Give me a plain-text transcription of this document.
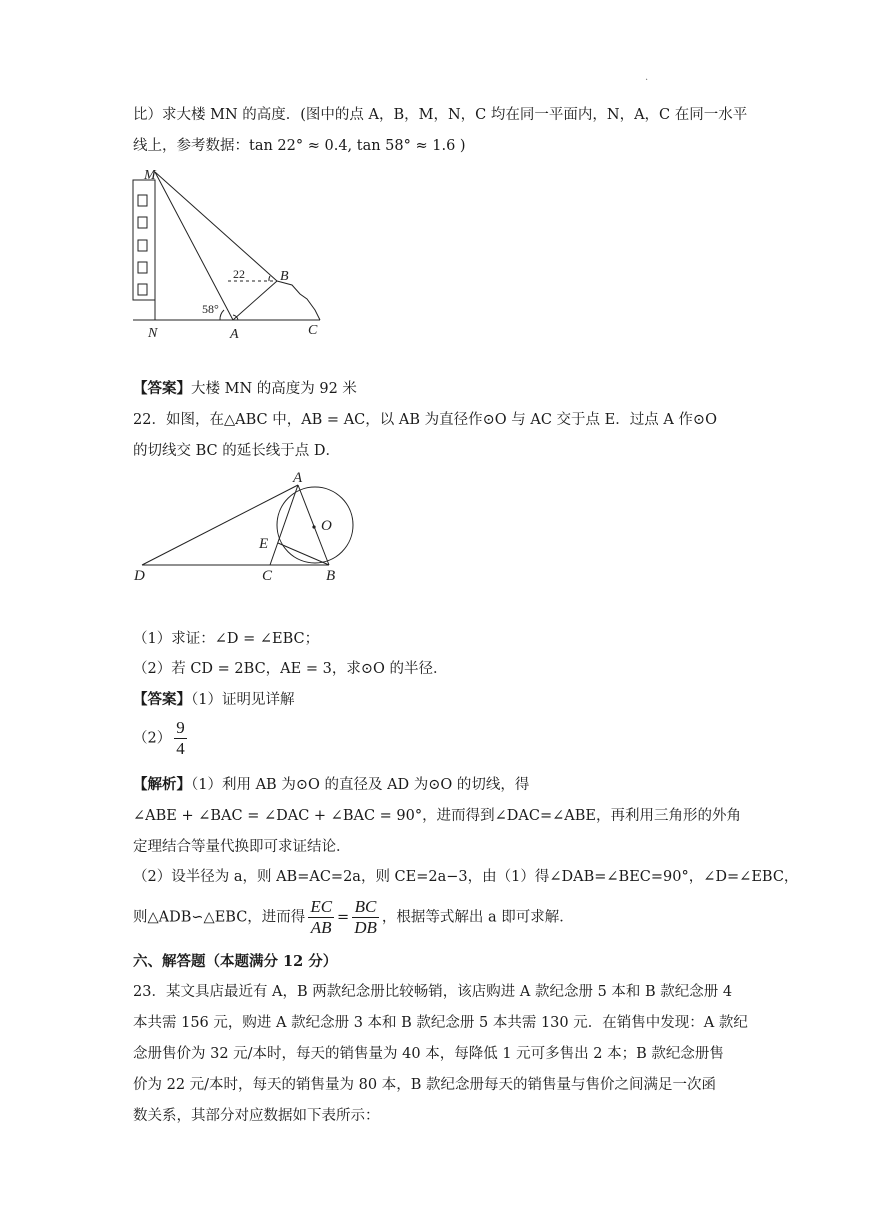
.
比）求大楼 MN 的高度．(图中的点 A，B，M，N，C 均在同一平面内，N，A，C 在同一水平
线上，参考数据：tan 22° ≈ 0.4, tan 58° ≈ 1.6 )
M
N	A
B
C
22
58°
【答案】大楼 MN 的高度为 92 米
22．如图，在△ABC 中，AB = AC，以 AB 为直径作⊙O 与 AC 交于点 E．过点 A 作⊙O
的切线交 BC 的延长线于点 D．
A
O
E
D	C	B
（1）求证：∠D = ∠EBC；
（2）若 CD = 2BC，AE = 3，求⊙O 的半径．
【答案】（1）证明见详解
$(2) \frac{9}{4}$
【解析】（1）利用 AB 为⊙O 的直径及 AD 为⊙O 的切线，得
∠ABE + ∠BAC = ∠DAC + ∠BAC = 90°，进而得到∠DAC=∠ABE，再利用三角形的外角
定理结合等量代换即可求证结论．
（2）设半径为 a，则 AB=AC=2a，则 CE=2a−3，由（1）得∠DAB=∠BEC=90°，∠D=∠EBC，
则△ADB∽△EBC，进而得 $\frac{EC}{AB} = \frac{BC}{DB}$ ，根据等式解出 a 即可求解．
六、解答题（本题满分 12 分）
23．某文具店最近有 A，B 两款纪念册比较畅销，该店购进 A 款纪念册 5 本和 B 款纪念册 4
本共需 156 元，购进 A 款纪念册 3 本和 B 款纪念册 5 本共需 130 元．在销售中发现：A 款纪
念册售价为 32 元/本时，每天的销售量为 40 本，每降低 1 元可多售出 2 本；B 款纪念册售
价为 22 元/本时，每天的销售量为 80 本，B 款纪念册每天的销售量与售价之间满足一次函
数关系，其部分对应数据如下表所示：
